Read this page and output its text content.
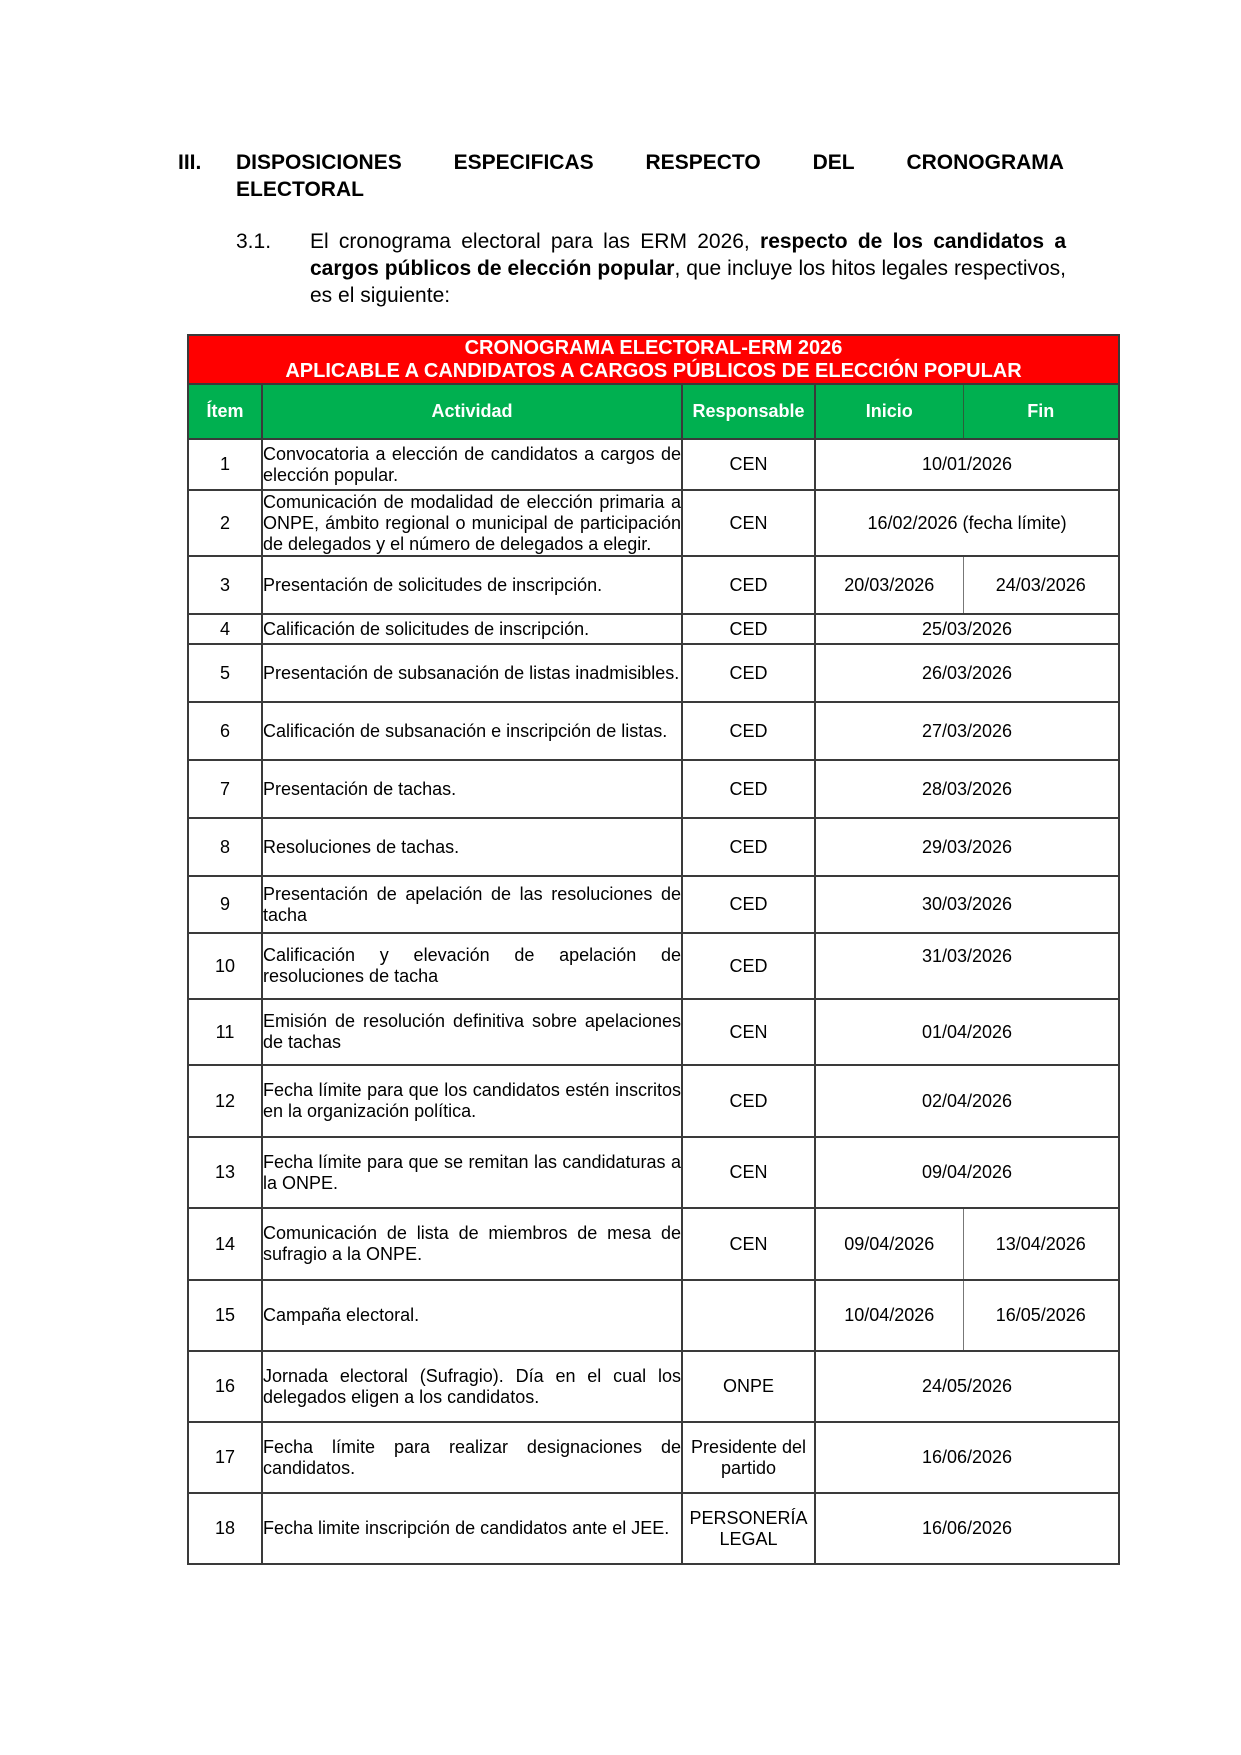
III. DISPOSICIONES ESPECIFICAS RESPECTO DEL CRONOGRAMA
ELECTORAL
3.1. El cronograma electoral para las ERM 2026, respecto de los candidatos a cargos públicos de elección popular, que incluye los hitos legales respectivos, es el siguiente:
CRONOGRAMA ELECTORAL-ERM 2026
APLICABLE A CANDIDATOS A CARGOS PÚBLICOS DE ELECCIÓN POPULAR				

Ítem	Actividad	Responsable	Inicio	Fin
1	Convocatoria a elección de candidatos a cargos de elección popular.	CEN	10/01/2026	
2	Comunicación de modalidad de elección primaria a ONPE, ámbito regional o municipal de participación de delegados y el número de delegados a elegir.	CEN	16/02/2026 (fecha límite)	
3	Presentación de solicitudes de inscripción.	CED	20/03/2026	24/03/2026
4	Calificación de solicitudes de inscripción.	CED	25/03/2026	
5	Presentación de subsanación de listas inadmisibles.	CED	26/03/2026	
6	Calificación de subsanación e inscripción de listas.	CED	27/03/2026	
7	Presentación de tachas.	CED	28/03/2026	
8	Resoluciones de tachas.	CED	29/03/2026	
9	Presentación de apelación de las resoluciones de tacha	CED	30/03/2026	
10	Calificación y elevación de apelación de resoluciones de tacha	CED	31/03/2026	
11	Emisión de resolución definitiva sobre apelaciones de tachas	CEN	01/04/2026	
12	Fecha límite para que los candidatos estén inscritos en la organización política.	CED	02/04/2026	
13	Fecha límite para que se remitan las candidaturas a la ONPE.	CEN	09/04/2026	
14	Comunicación de lista de miembros de mesa de sufragio a la ONPE.	CEN	09/04/2026	13/04/2026
15	Campaña electoral.		10/04/2026	16/05/2026
16	Jornada electoral (Sufragio). Día en el cual los delegados eligen a los candidatos.	ONPE	24/05/2026	
17	Fecha límite para realizar designaciones de candidatos.	Presidente del partido	16/06/2026	
18	Fecha limite inscripción de candidatos ante el JEE.	PERSONERÍA LEGAL	16/06/2026	
